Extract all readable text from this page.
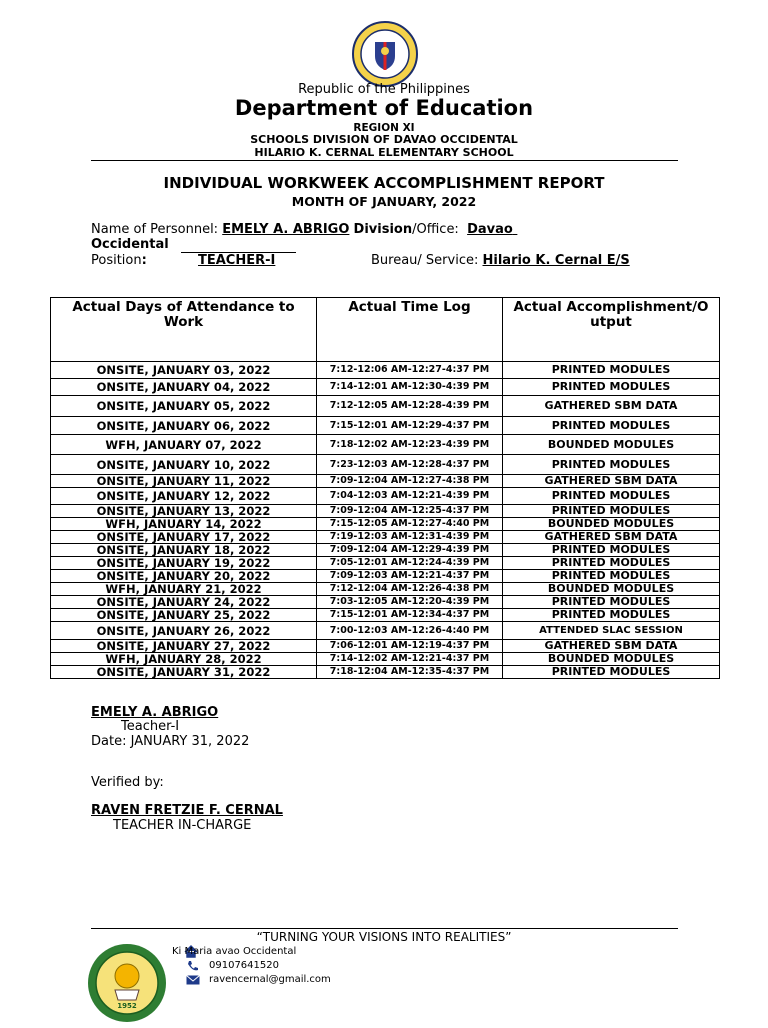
Republic of the Philippines
Department of Education
REGION XI
SCHOOLS DIVISION OF DAVAO OCCIDENTAL
HILARIO K. CERNAL ELEMENTARY SCHOOL
INDIVIDUAL WORKWEEK ACCOMPLISHMENT REPORT
MONTH OF JANUARY, 2022
Name of Personnel: EMELY A. ABRIGO Division/Office: Davao
Occidental
Position:	TEACHER-I	Bureau/ Service: Hilario K. Cernal E/S
Actual Days of Attendance to Work	Actual Time Log	Actual Accomplishment/Output
ONSITE, JANUARY 03, 2022	7:12-12:06 AM-12:27-4:37 PM	PRINTED MODULES
ONSITE, JANUARY 04, 2022	7:14-12:01 AM-12:30-4:39 PM	PRINTED MODULES
ONSITE, JANUARY 05, 2022	7:12-12:05 AM-12:28-4:39 PM	GATHERED SBM DATA
ONSITE, JANUARY 06, 2022	7:15-12:01 AM-12:29-4:37 PM	PRINTED MODULES
WFH, JANUARY 07, 2022	7:18-12:02 AM-12:23-4:39 PM	BOUNDED MODULES
ONSITE, JANUARY 10, 2022	7:23-12:03 AM-12:28-4:37 PM	PRINTED MODULES
ONSITE, JANUARY 11, 2022	7:09-12:04 AM-12:27-4:38 PM	GATHERED SBM DATA
ONSITE, JANUARY 12, 2022	7:04-12:03 AM-12:21-4:39 PM	PRINTED MODULES
ONSITE, JANUARY 13, 2022	7:09-12:04 AM-12:25-4:37 PM	PRINTED MODULES
WFH, JANUARY 14, 2022	7:15-12:05 AM-12:27-4:40 PM	BOUNDED MODULES
ONSITE, JANUARY 17, 2022	7:19-12:03 AM-12:31-4:39 PM	GATHERED SBM DATA
ONSITE, JANUARY 18, 2022	7:09-12:04 AM-12:29-4:39 PM	PRINTED MODULES
ONSITE, JANUARY 19, 2022	7:05-12:01 AM-12:24-4:39 PM	PRINTED MODULES
ONSITE, JANUARY 20, 2022	7:09-12:03 AM-12:21-4:37 PM	PRINTED MODULES
WFH, JANUARY 21, 2022	7:12-12:04 AM-12:26-4:38 PM	BOUNDED MODULES
ONSITE, JANUARY 24, 2022	7:03-12:05 AM-12:20-4:39 PM	PRINTED MODULES
ONSITE, JANUARY 25, 2022	7:15-12:01 AM-12:34-4:37 PM	PRINTED MODULES
ONSITE, JANUARY 26, 2022	7:00-12:03 AM-12:26-4:40 PM	ATTENDED SLAC SESSION
ONSITE, JANUARY 27, 2022	7:06-12:01 AM-12:19-4:37 PM	GATHERED SBM DATA
WFH, JANUARY 28, 2022	7:14-12:02 AM-12:21-4:37 PM	BOUNDED MODULES
ONSITE, JANUARY 31, 2022	7:18-12:04 AM-12:35-4:37 PM	PRINTED MODULES
EMELY A. ABRIGO
Teacher-I
Date: JANUARY 31, 2022
Verified by:
RAVEN FRETZIE F. CERNAL
TEACHER IN-CHARGE
“TURNING YOUR VISIONS INTO REALITIES”
1952
Ki Maria avao Occidental
09107641520
ravencernal@gmail.com
